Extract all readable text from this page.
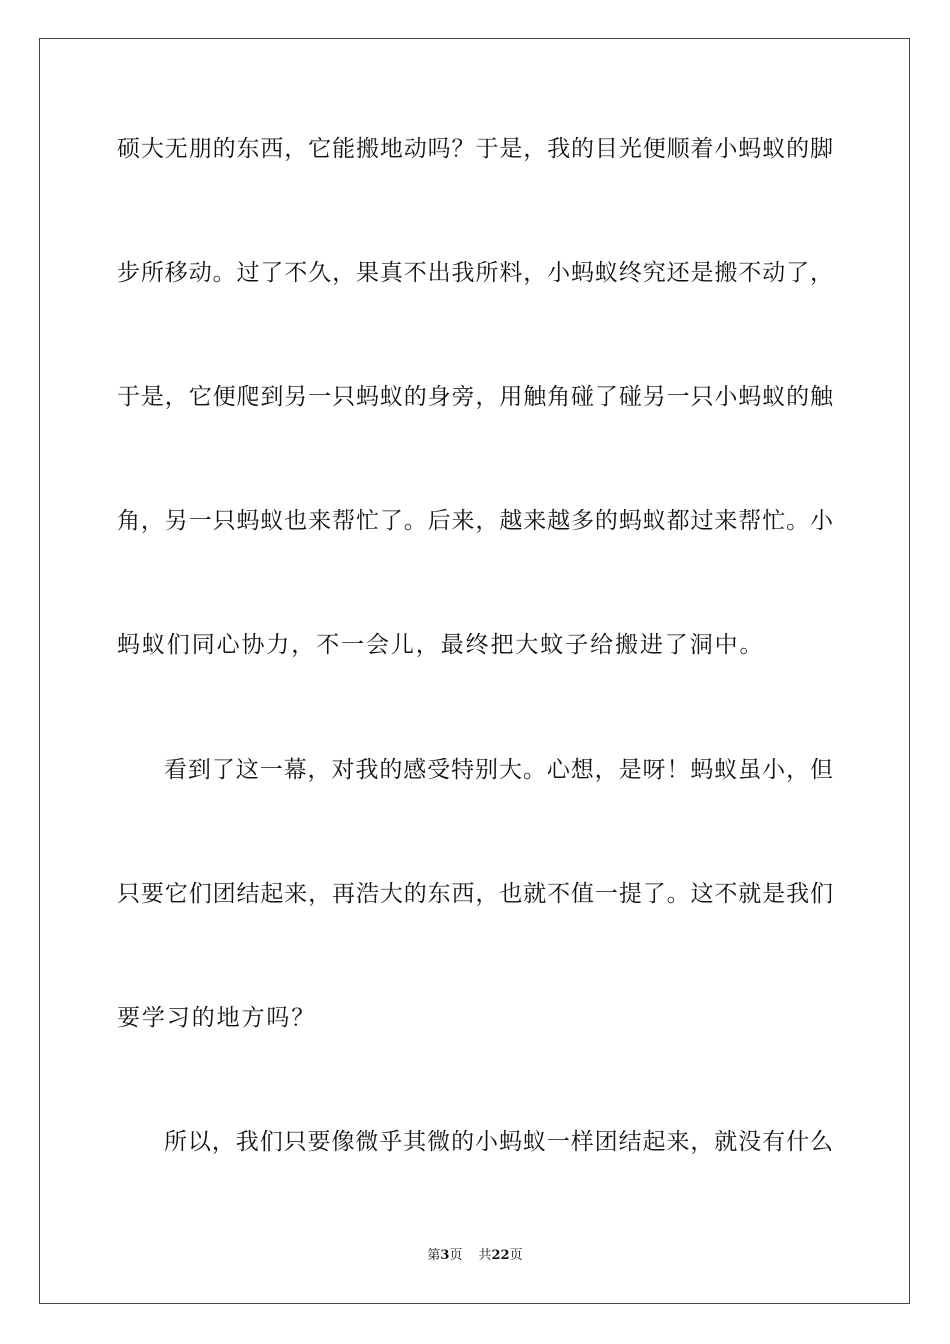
硕大无朋的东西，它能搬地动吗？于是，我的目光便顺着小蚂蚁的脚
步所移动。过了不久，果真不出我所料，小蚂蚁终究还是搬不动了，
于是，它便爬到另一只蚂蚁的身旁，用触角碰了碰另一只小蚂蚁的触
角，另一只蚂蚁也来帮忙了。后来，越来越多的蚂蚁都过来帮忙。小
蚂蚁们同心协力，不一会儿，最终把大蚊子给搬进了洞中。
看到了这一幕，对我的感受特别大。心想，是呀！蚂蚁虽小，但
只要它们团结起来，再浩大的东西，也就不值一提了。这不就是我们
要学习的地方吗？
所以，我们只要像微乎其微的小蚂蚁一样团结起来，就没有什么
第3页 共22页
